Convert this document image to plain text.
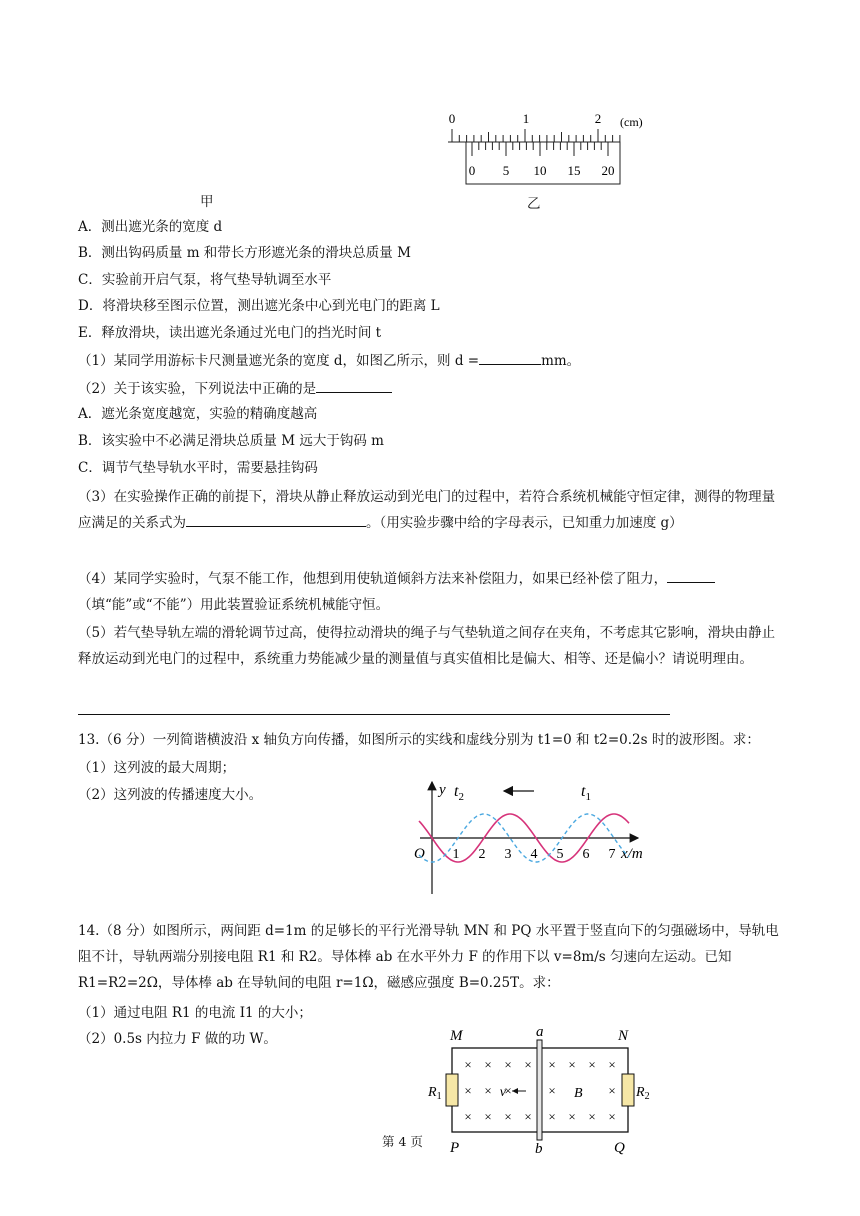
0	1	2 (cm)
0 5 10 15 20
甲	乙
A．测出遮光条的宽度 d
B．测出钩码质量 m 和带长方形遮光条的滑块总质量 M
C．实验前开启气泵，将气垫导轨调至水平
D．将滑块移至图示位置，测出遮光条中心到光电门的距离 L
E．释放滑块，读出遮光条通过光电门的挡光时间 t
（1）某同学用游标卡尺测量遮光条的宽度 d，如图乙所示，则 d =	mm。
（2）关于该实验，下列说法中正确的是
A．遮光条宽度越宽，实验的精确度越高
B．该实验中不必满足滑块总质量 M 远大于钩码 m
C．调节气垫导轨水平时，需要悬挂钩码
（3）在实验操作正确的前提下，滑块从静止释放运动到光电门的过程中，若符合系统机械能守恒定律，测得的物理量应满足的关系式为	。（用实验步骤中给的字母表示，已知重力加速度 g）
（4）某同学实验时，气泵不能工作，他想到用使轨道倾斜方法来补偿阻力，如果已经补偿了阻力，（填“能”或“不能”）用此装置验证系统机械能守恒。
（5）若气垫导轨左端的滑轮调节过高，使得拉动滑块的绳子与气垫轨道之间存在夹角，不考虑其它影响，滑块由静止释放运动到光电门的过程中，系统重力势能减少量的测量值与真实值相比是偏大、相等、还是偏小？请说明理由。
13.（6 分）一列简谐横波沿 x 轴负方向传播，如图所示的实线和虚线分别为 t1=0 和 t2=0.2s 时的波形图。求：
（1）这列波的最大周期；
（2）这列波的传播速度大小。	y
O	x/m
$t_2$	$t_1$
1 2 3 4 5 6 7
14.（8 分）如图所示，两间距 d=1m 的足够长的平行光滑导轨 MN 和 PQ 水平置于竖直向下的匀强磁场中，导轨电阻不计，导轨两端分别接电阻 R1 和 R2。导体棒 ab 在水平外力 F 的作用下以 v=8m/s 匀速向左运动。已知 R1=R2=2Ω，导体棒 ab 在导轨间的电阻 r=1Ω，磁感应强度 B=0.25T。求：
（1）通过电阻 R1 的电流 I1 的大小；
（2）0.5s 内拉力 F 做的功 W。
× × × × × × × ×
× × ×	×	×
× × × × × × × ×
v	B
M	N
P	Q
a
b
$R_1$	$R_2$
第 4 页
